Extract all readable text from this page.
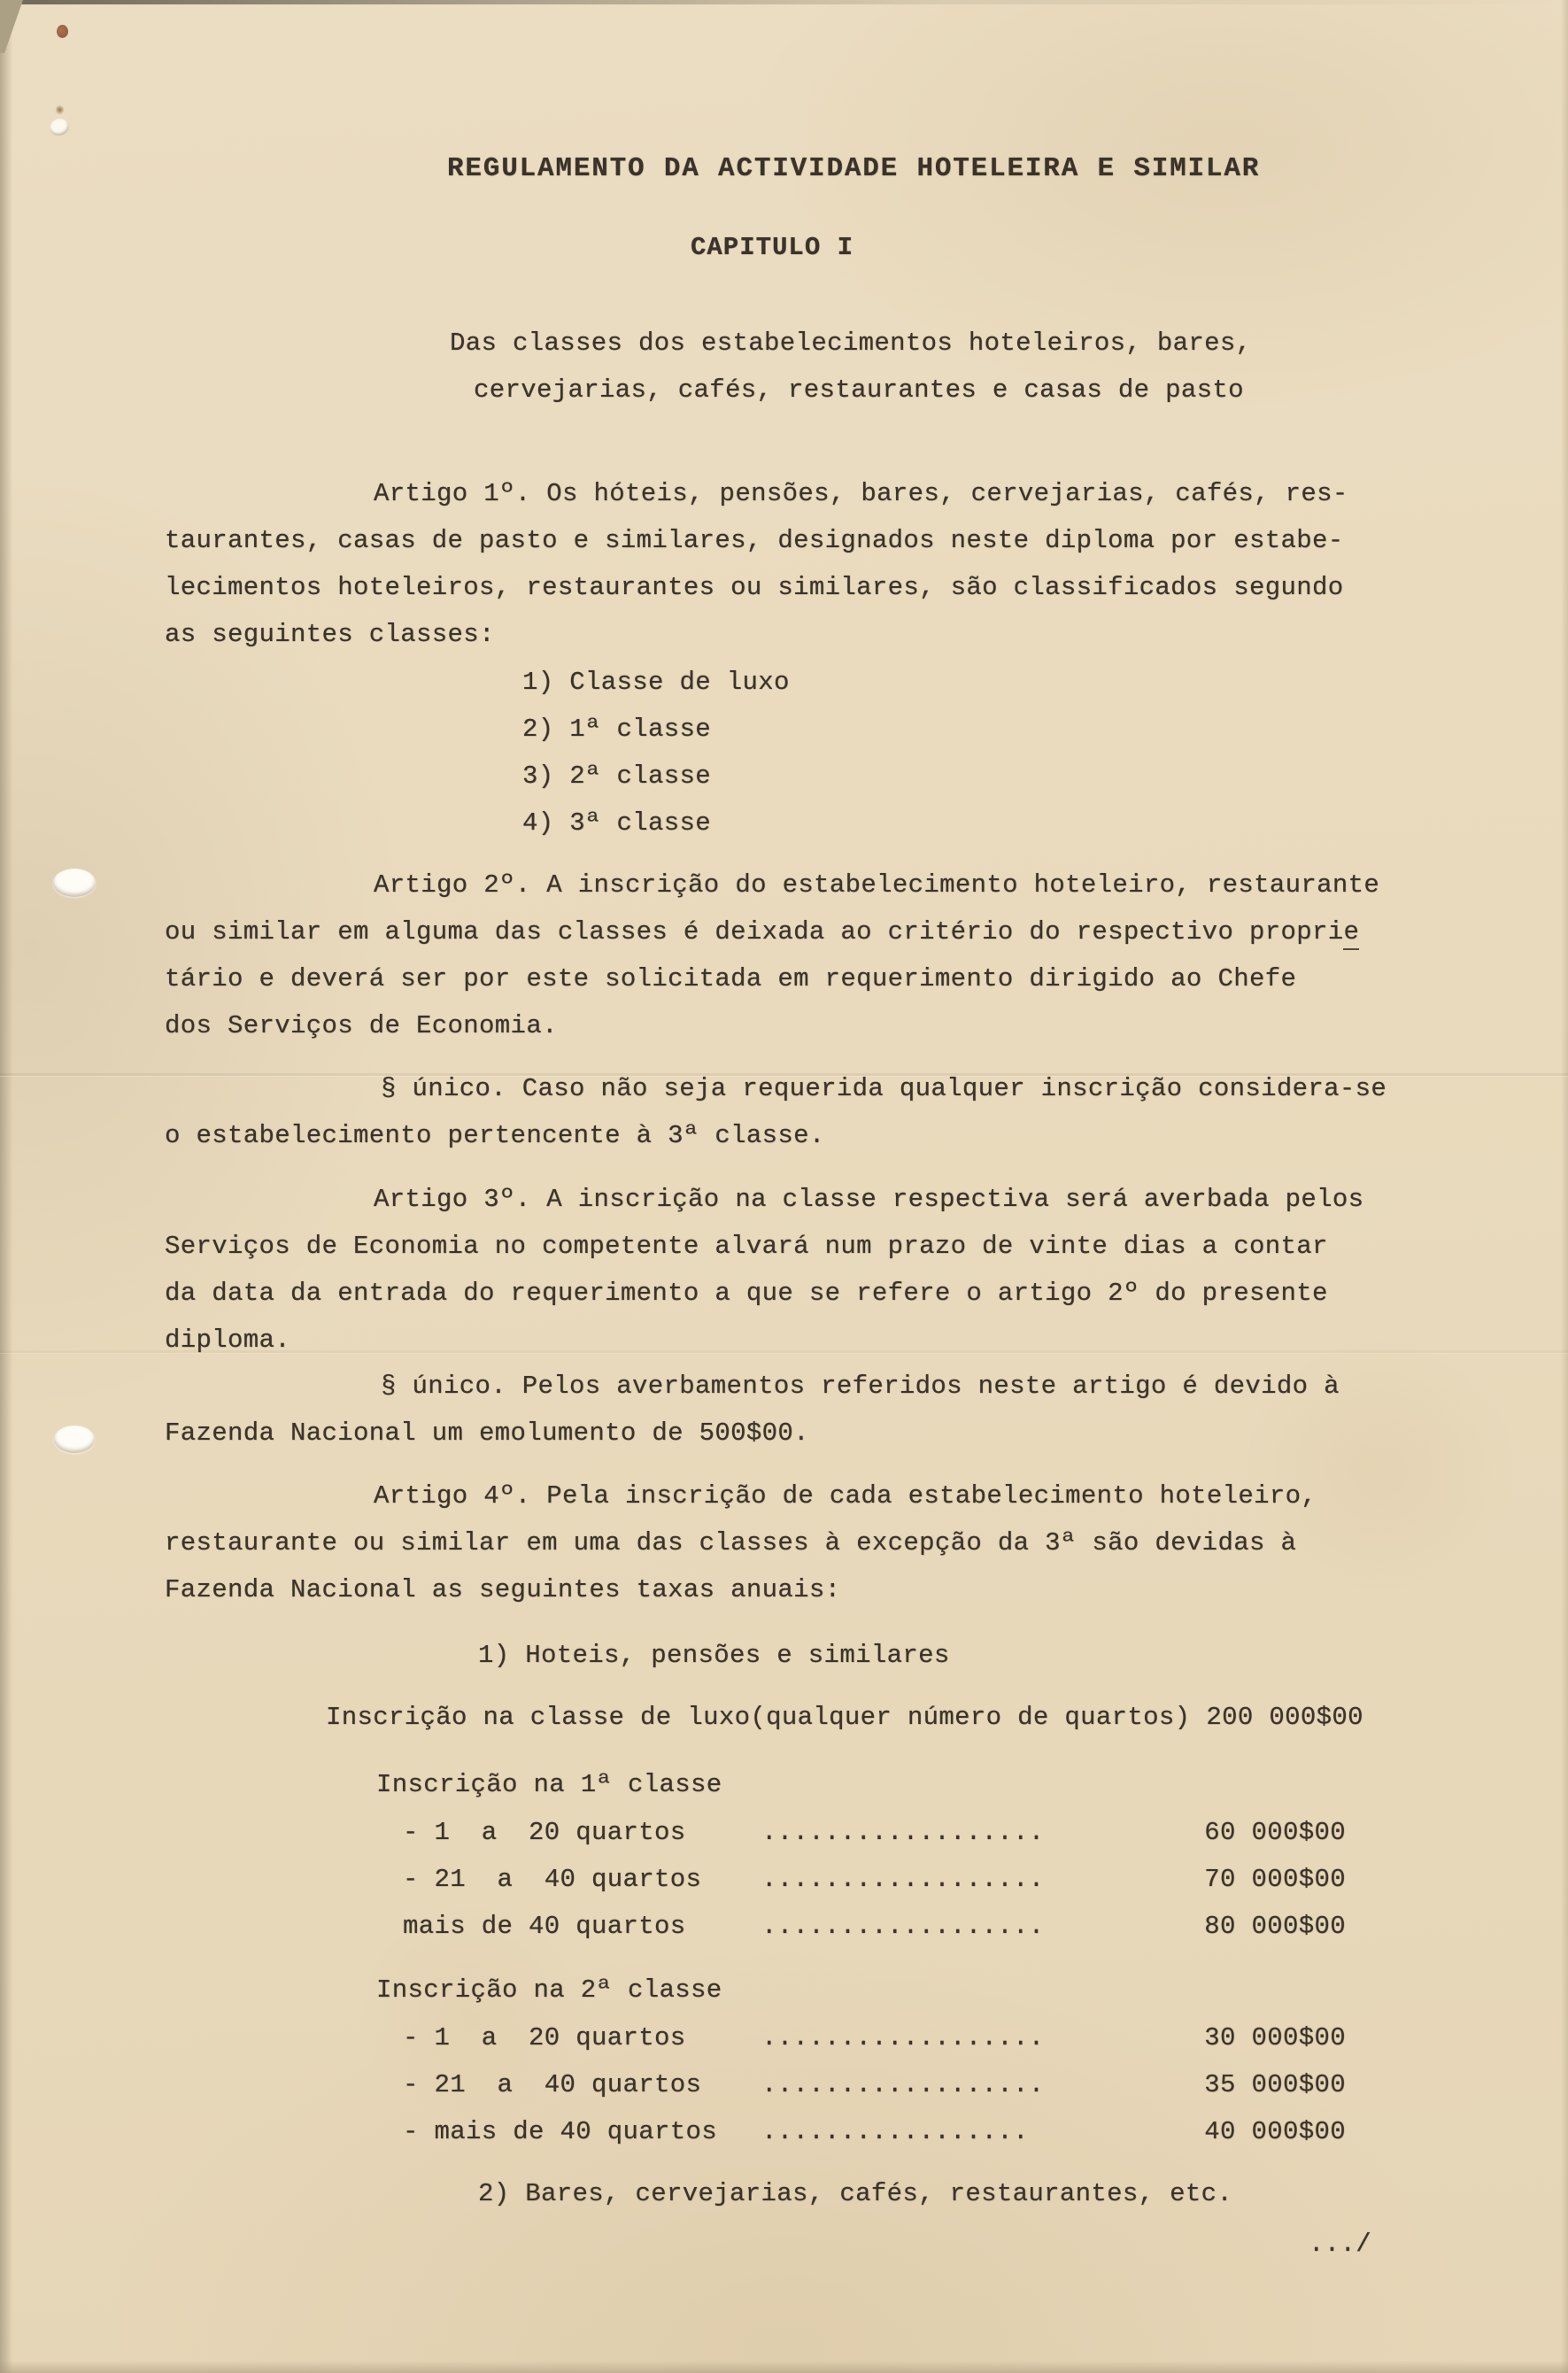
REGULAMENTO DA ACTIVIDADE HOTELEIRA E SIMILAR
CAPITULO I
Das classes dos estabelecimentos hoteleiros, bares,
cervejarias, cafés, restaurantes e casas de pasto
Artigo 1º. Os hóteis, pensões, bares, cervejarias, cafés, res-
taurantes, casas de pasto e similares, designados neste diploma por estabe-
lecimentos hoteleiros, restaurantes ou similares, são classificados segundo
as seguintes classes:
1) Classe de luxo
2) 1ª classe
3) 2ª classe
4) 3ª classe
Artigo 2º. A inscrição do estabelecimento hoteleiro, restaurante
ou similar em alguma das classes é deixada ao critério do respectivo proprie
tário e deverá ser por este solicitada em requerimento dirigido ao Chefe
dos Serviços de Economia.
§ único. Caso não seja requerida qualquer inscrição considera-se
o estabelecimento pertencente à 3ª classe.
Artigo 3º. A inscrição na classe respectiva será averbada pelos
Serviços de Economia no competente alvará num prazo de vinte dias a contar
da data da entrada do requerimento a que se refere o artigo 2º do presente
diploma.
§ único. Pelos averbamentos referidos neste artigo é devido à
Fazenda Nacional um emolumento de 500$00.
Artigo 4º. Pela inscrição de cada estabelecimento hoteleiro,
restaurante ou similar em uma das classes à excepção da 3ª são devidas à
Fazenda Nacional as seguintes taxas anuais:
1) Hoteis, pensões e similares
Inscrição na classe de luxo(qualquer número de quartos) 200 000$00
Inscrição na 1ª classe
- 1  a  20 quartos	..................	60 000$00
- 21  a  40 quartos ..................	70 000$00
mais de 40 quartos	..................	80 000$00
Inscrição na 2ª classe
- 1  a  20 quartos	..................	30 000$00
- 21  a  40 quartos ..................	35 000$00
- mais de 40 quartos .................	40 000$00
2) Bares, cervejarias, cafés, restaurantes, etc.
.../
